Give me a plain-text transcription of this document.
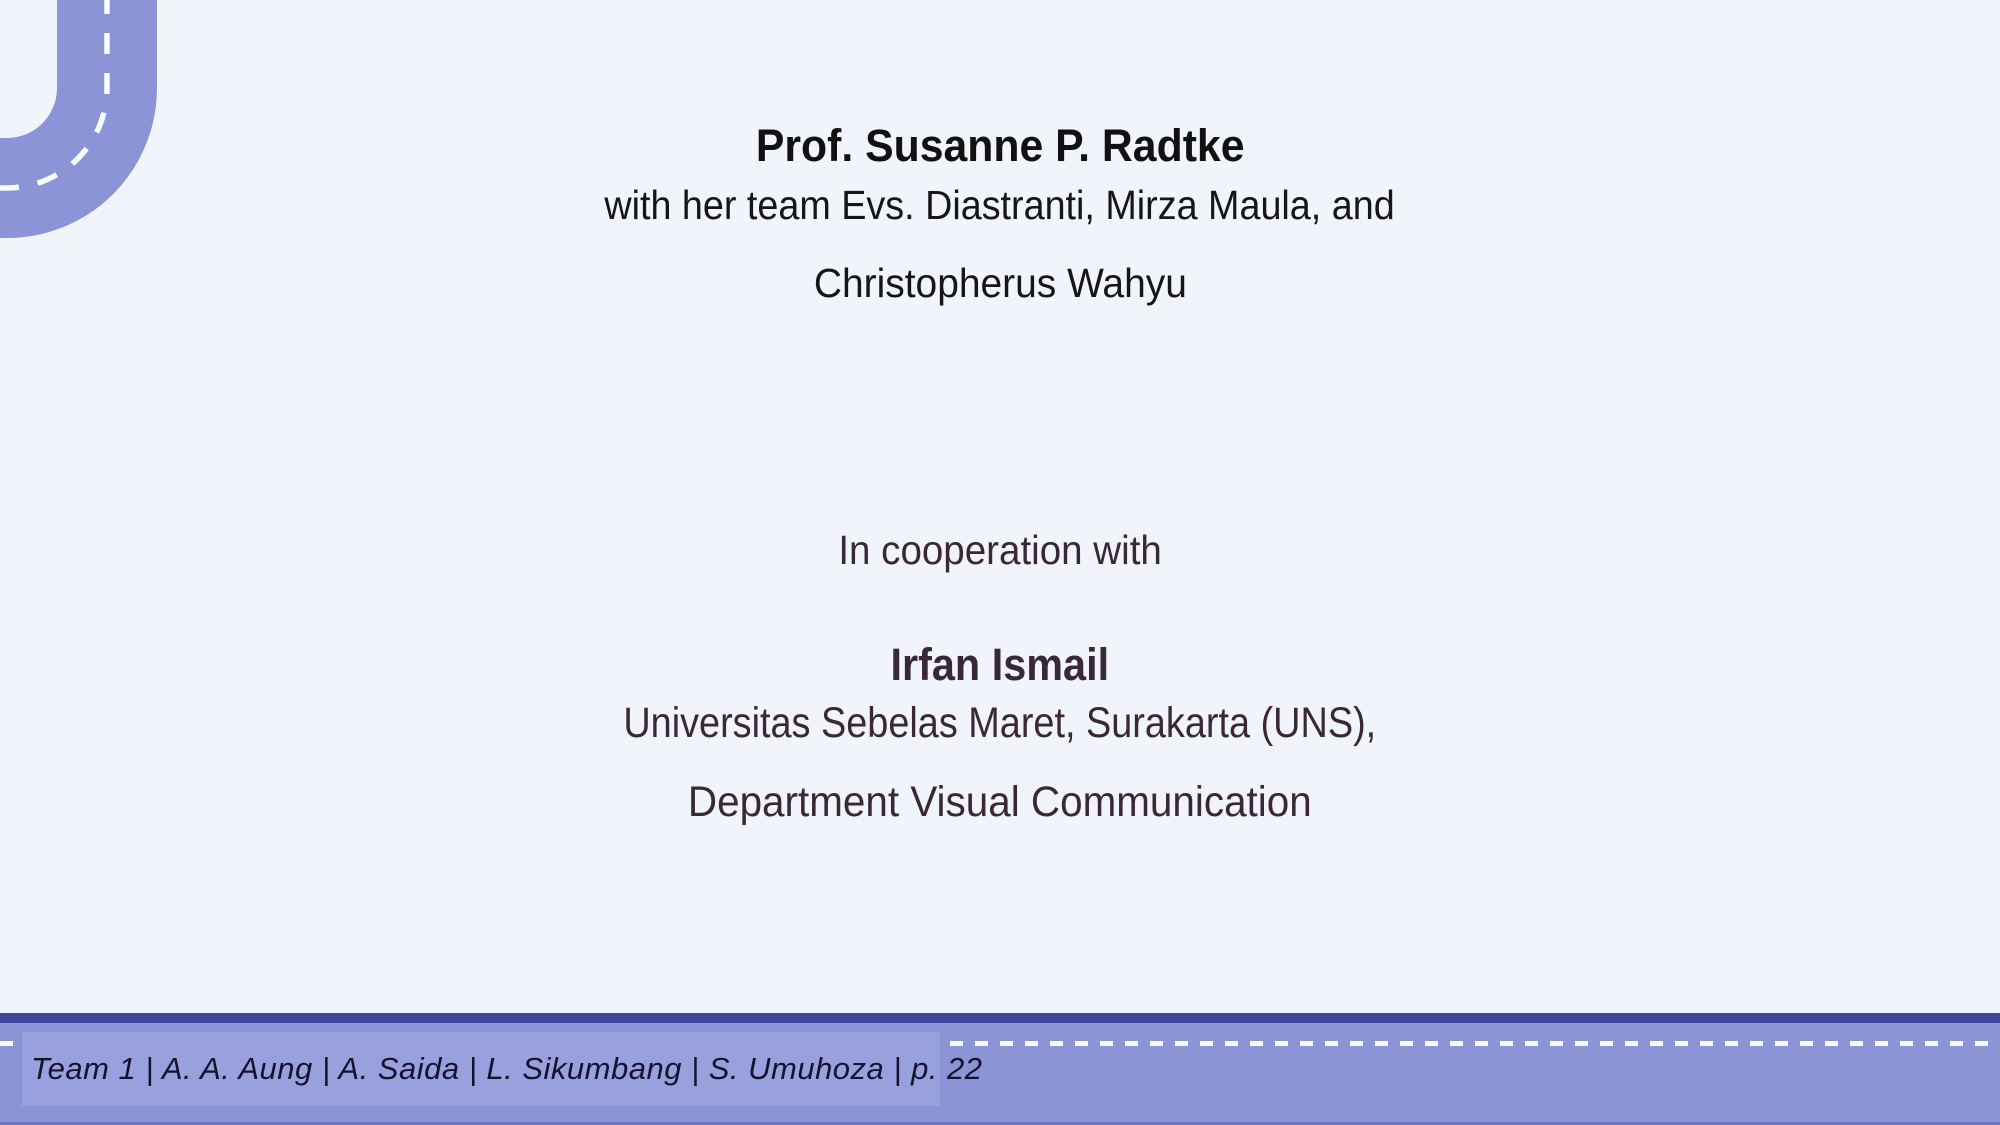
Prof. Susanne P. Radtke
with her team Evs. Diastranti, Mirza Maula, and
Christopherus Wahyu
In cooperation with
Irfan Ismail
Universitas Sebelas Maret, Surakarta (UNS),
Department Visual Communication
Team 1 | A. A. Aung | A. Saida | L. Sikumbang | S. Umuhoza | p. 22
